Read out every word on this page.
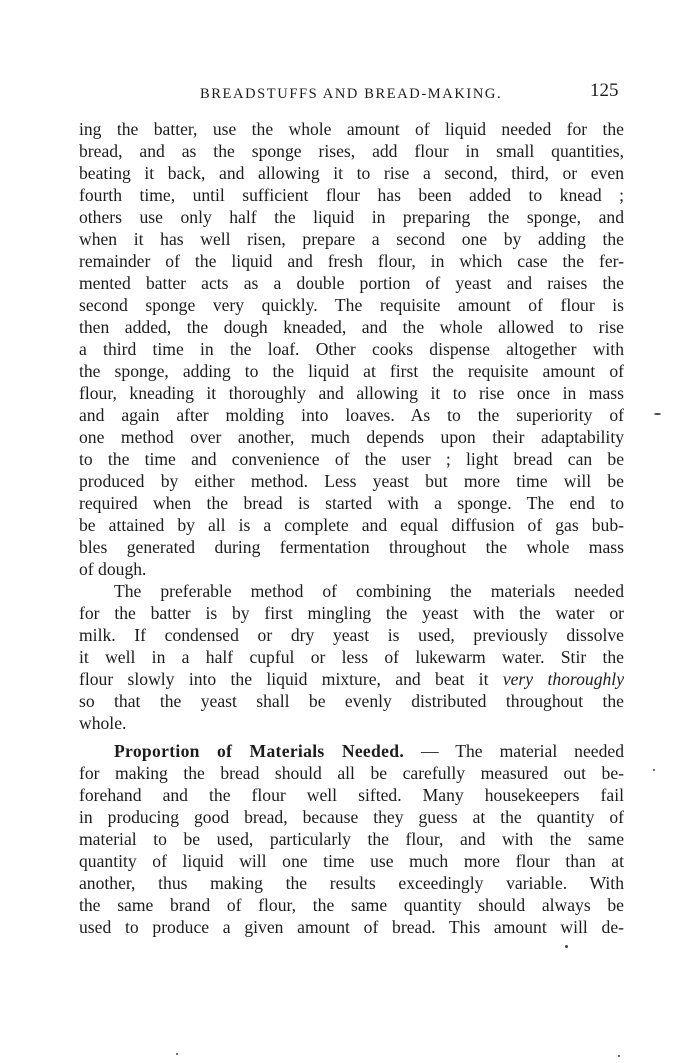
BREADSTUFFS AND BREAD-MAKING.	125
ing the batter, use the whole amount of liquid needed for the
bread, and as the sponge rises, add flour in small quantities,
beating it back, and allowing it to rise a second, third, or even
fourth time, until sufficient flour has been added to knead ;
others use only half the liquid in preparing the sponge, and
when it has well risen, prepare a second one by adding the
remainder of the liquid and fresh flour, in which case the fer-
mented batter acts as a double portion of yeast and raises the
second sponge very quickly. The requisite amount of flour is
then added, the dough kneaded, and the whole allowed to rise
a third time in the loaf. Other cooks dispense altogether with
the sponge, adding to the liquid at first the requisite amount of
flour, kneading it thoroughly and allowing it to rise once in mass
and again after molding into loaves. As to the superiority of
one method over another, much depends upon their adaptability
to the time and convenience of the user ; light bread can be
produced by either method. Less yeast but more time will be
required when the bread is started with a sponge. The end to
be attained by all is a complete and equal diffusion of gas bub-
bles generated during fermentation throughout the whole mass
of dough.
The preferable method of combining the materials needed
for the batter is by first mingling the yeast with the water or
milk. If condensed or dry yeast is used, previously dissolve
it well in a half cupful or less of lukewarm water. Stir the
flour slowly into the liquid mixture, and beat it very thoroughly
so that the yeast shall be evenly distributed throughout the
whole.
Proportion of Materials Needed. — The material needed
for making the bread should all be carefully measured out be-
forehand and the flour well sifted. Many housekeepers fail
in producing good bread, because they guess at the quantity of
material to be used, particularly the flour, and with the same
quantity of liquid will one time use much more flour than at
another, thus making the results exceedingly variable. With
the same brand of flour, the same quantity should always be
used to produce a given amount of bread. This amount will de-
